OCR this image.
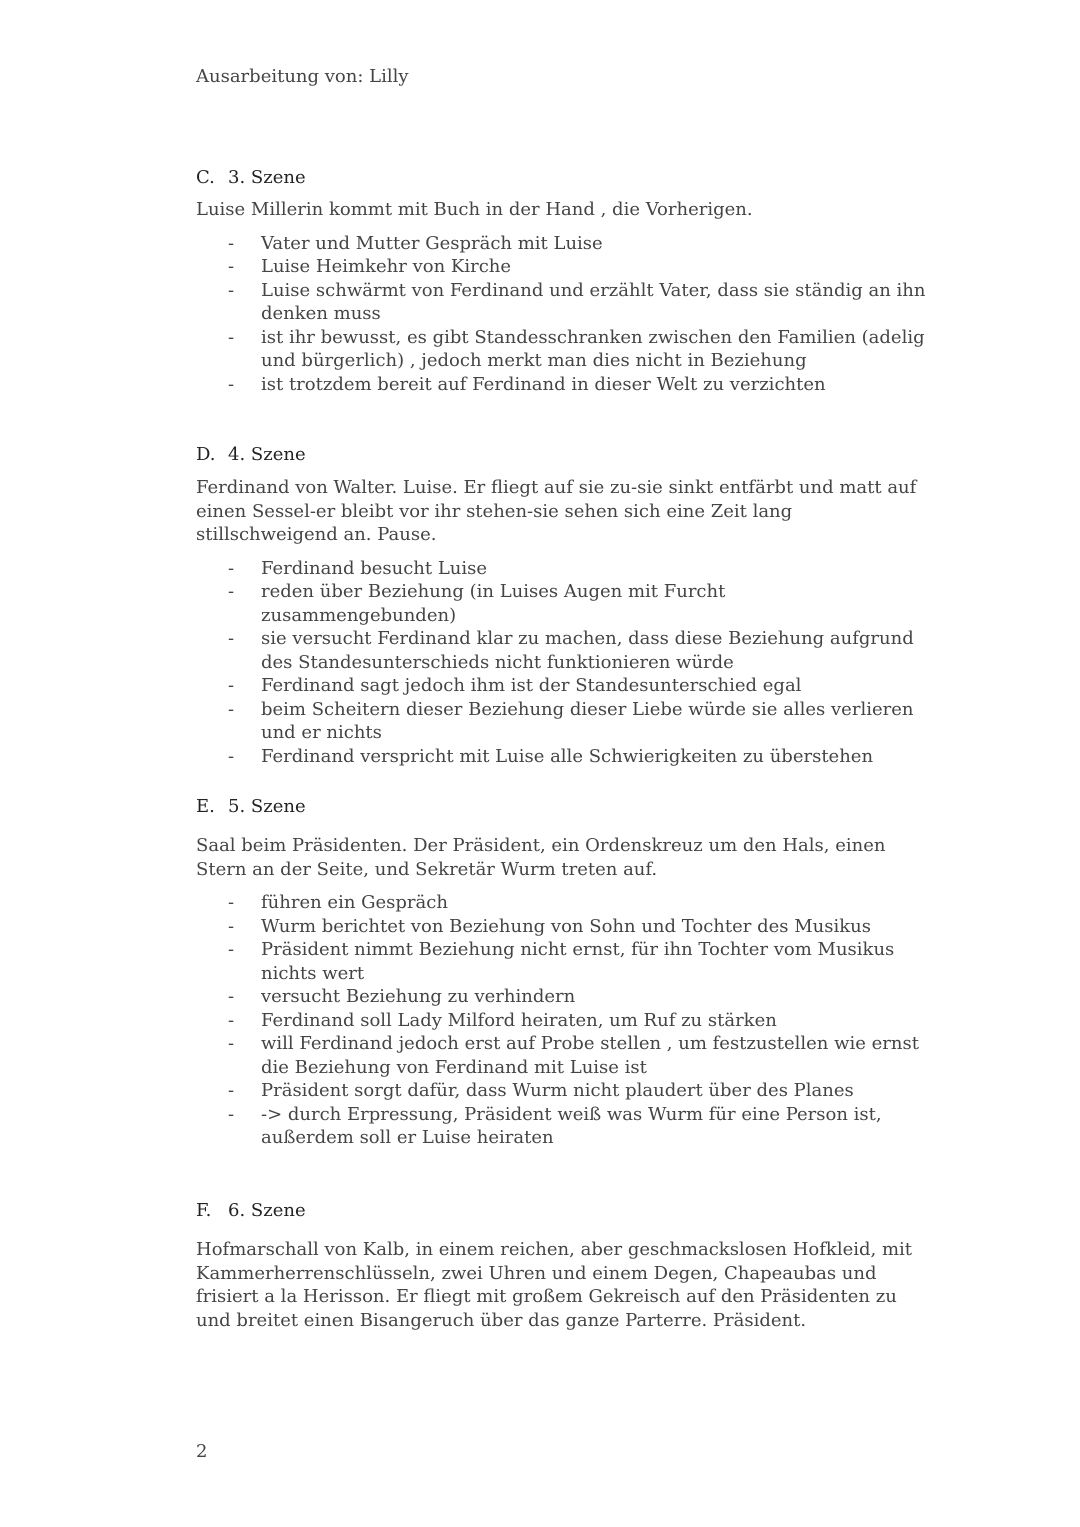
Ausarbeitung von: Lilly
C. 3. Szene

Luise Millerin kommt mit Buch in der Hand , die Vorherigen.

- Vater und Mutter Gespräch mit Luise
- Luise Heimkehr von Kirche
- Luise schwärmt von Ferdinand und erzählt Vater, dass sie ständig an ihn denken muss
- ist ihr bewusst, es gibt Standesschranken zwischen den Familien (adelig und bürgerlich) , jedoch merkt man dies nicht in Beziehung
- ist trotzdem bereit auf Ferdinand in dieser Welt zu verzichten
D. 4. Szene

Ferdinand von Walter. Luise. Er fliegt auf sie zu-sie sinkt entfärbt und matt auf einen Sessel-er bleibt vor ihr stehen-sie sehen sich eine Zeit lang stillschweigend an. Pause.

- Ferdinand besucht Luise
- reden über Beziehung (in Luises Augen mit Furcht zusammengebunden)
- sie versucht Ferdinand klar zu machen, dass diese Beziehung aufgrund des Standesunterschieds nicht funktionieren würde
- Ferdinand sagt jedoch ihm ist der Standesunterschied egal
- beim Scheitern dieser Beziehung dieser Liebe würde sie alles verlieren und er nichts
- Ferdinand verspricht mit Luise alle Schwierigkeiten zu überstehen
E. 5. Szene

Saal beim Präsidenten. Der Präsident, ein Ordenskreuz um den Hals, einen Stern an der Seite, und Sekretär Wurm treten auf.

- führen ein Gespräch
- Wurm berichtet von Beziehung von Sohn und Tochter des Musikus
- Präsident nimmt Beziehung nicht ernst, für ihn Tochter vom Musikus nichts wert
- versucht Beziehung zu verhindern
- Ferdinand soll Lady Milford heiraten, um Ruf zu stärken
- will Ferdinand jedoch erst auf Probe stellen , um festzustellen wie ernst die Beziehung von Ferdinand mit Luise ist
- Präsident sorgt dafür, dass Wurm nicht plaudert über des Planes
- -> durch Erpressung, Präsident weiß was Wurm für eine Person ist, außerdem soll er Luise heiraten
F. 6. Szene

Hofmarschall von Kalb, in einem reichen, aber geschmackslosen Hofkleid, mit Kammerherrenschlüsseln, zwei Uhren und einem Degen, Chapeaubas und frisiert a la Herisson. Er fliegt mit großem Gekreisch auf den Präsidenten zu und breitet einen Bisangeruch über das ganze Parterre. Präsident.

2
